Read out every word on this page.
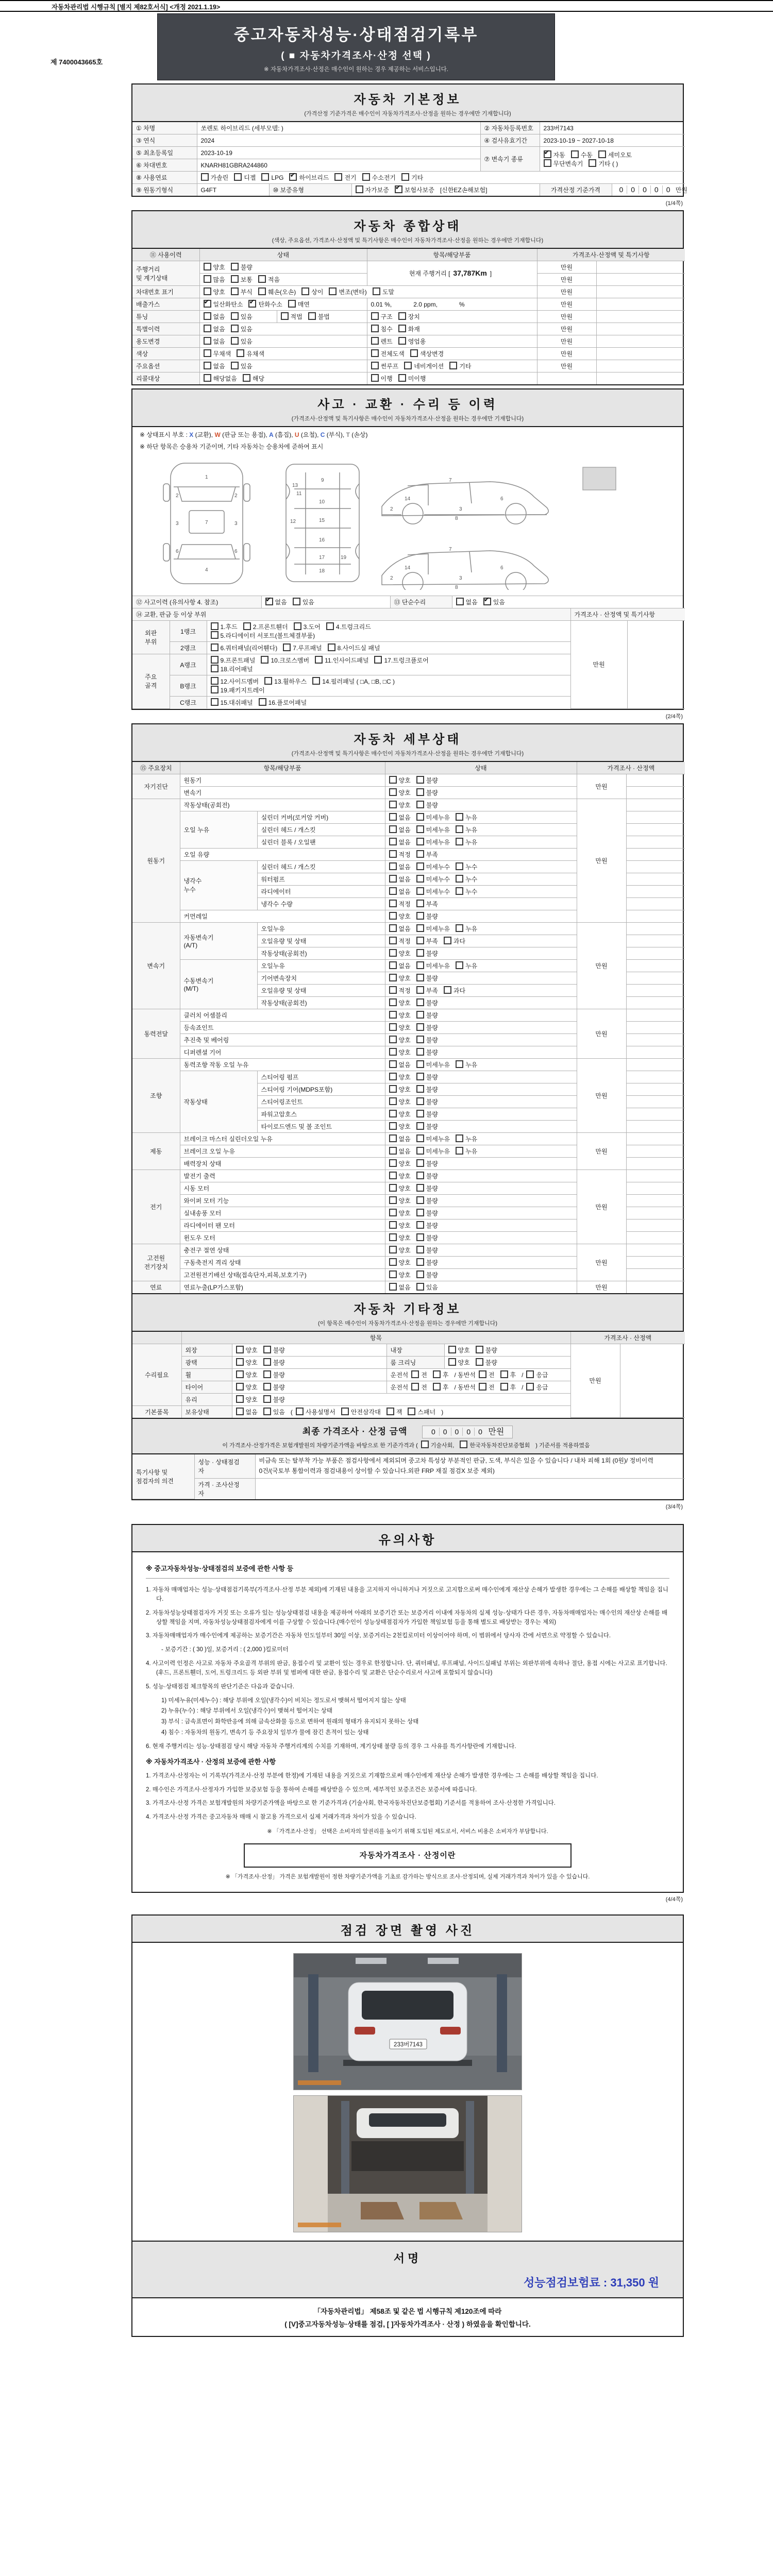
자동차관리법 시행규칙 [별지 제82호서식] <개정 2021.1.19>
제 7400043665호
중고자동차성능·상태점검기록부
( ■ 자동차가격조사·산정 선택 )
※ 자동차가격조사·산정은 매수인이 원하는 경우 제공하는 서비스입니다.
자동차 기본정보
(가격산정 기준가격은 매수인이 자동차가격조사·산정을 원하는 경우에만 기재합니다)
① 차명	쏘렌토 하이브리드 (세부모델: )			② 자동차등록번호	233버7143	
③ 연식	2024			④ 검사유효기간	2023-10-19 ~ 2027-10-18	
⑤ 최초등록일	2023-10-19			⑦ 변속기 종류	✔자동 수동 세미오토
무단변속기 기타 ( )
⑥ 차대번호	KNARH81GBRA244860					
⑧ 사용연료	가솔린 디젤 LPG ✔ 하이브리드 전기 수소전기 기타
⑨ 원동기형식	G4FT	⑩ 보증유형	자가보증 ✔ 보험사보증 [신한EZ손해보험]		가격산정 기준가격	0 0 0 0 0 만원
(1/4쪽)
자동차 종합상태
(색상, 주요옵션, 가격조사·산정액 및 특기사항은 매수인이 자동차가격조사·산정을 원하는 경우에만 기재합니다)
⑪ 사용이력	상태		항목/해당부품	가격조사·산정액 및 특기사항	
주행거리
및 계기상태	양호 불량		현재 주행거리 [ 37,787Km ]	만원	
	많음 보통 적음			만원	
차대번호 표기	양호 부식 훼손(오손) 상이 변조(변타) 도말			만원	
배출가스	✔일산화탄소 ✔ 탄화수소 매연		0.01 %, 2.0 ppm, %	만원	
튜닝	없음 있음	적법 불법	구조 장치	만원	
특별이력	없음 있음		침수 화재	만원	
용도변경	없음 있음		렌트 영업용	만원	
색상	무채색 유채색		전체도색 색상변경	만원	
주요옵션	없음 있음		썬루프 네비게이션 기타	만원	
리콜대상	해당없음 해당		이행 미이행		
사고 · 교환 · 수리 등 이력
(가격조사·산정액 및 특기사항은 매수인이 자동차가격조사·산정을 원하는 경우에만 기재합니다)
※ 상태표시 부호 : X (교환), W (판금 또는 용접), A (흠집), U (요철), C (부식), T (손상)
※ 하단 항목은 승용차 기준이며, 기타 자동차는 승용차에 준하여 표시
1
7
4
2	2
3	3
6	6
9
10
11
12
13
15
16
17
18
19
7
14
3
6
2
8
7
14
3
2
6
8
⑫ 사고이력 (유의사항 4. 참조)	✔없음	있음	⑬ 단순수리	없음 ✔	있음
⑭ 교환, 판금 등 이상 부위			가격조사 · 산정액 및 특기사항	
외판
부위	1랭크	1.후드 2.프론트휀더 3.도어 4.트렁크리드
5.라디에이터 서포트(볼트체결부품)	만원	
	2랭크	6.쿼터패널(리어휀다) 7.루프패널 8.사이드실 패널		
주요
골격	A랭크	9.프론트패널 10.크로스멤버 11.인사이드패널 17.트렁크플로어
18.리어패널		
	B랭크	12.사이드멤버 13.휠하우스 14.필러패널 ( □A, □B, □C )
19.패키지트레이		
	C랭크	15.대쉬패널 16.플로어패널		
(2/4쪽)
자동차 세부상태
(가격조사·산정액 및 특기사항은 매수인이 자동차가격조사·산정을 원하는 경우에만 기재합니다)
⑮ 주요장치	항목/해당부품		상태	가격조사 · 산정액	
자기진단	원동기		양호 불량	만원	
	변속기		양호 불량		
원동기	작동상태(공회전)		양호 불량	만원	
	오일 누유	실린더 커버(로커암 커버)	없음 미세누유 누유		
		실린더 헤드 / 개스킷	없음 미세누유 누유		
		실린더 블록 / 오일팬	없음 미세누유 누유		
	오일 유량		적정 부족		
	냉각수
누수	실린더 헤드 / 개스킷	없음 미세누수 누수		
		워터펌프	없음 미세누수 누수		
		라디에이터	없음 미세누수 누수		
		냉각수 수량	적정 부족		
	커먼레일		양호 불량		
변속기	자동변속기
(A/T)	오일누유	없음 미세누유 누유	만원	
		오일유량 및 상태	적정 부족 과다		
		작동상태(공회전)	양호 불량		
	수동변속기
(M/T)	오일누유	없음 미세누유 누유		
		기어변속장치	양호 불량		
		오일유량 및 상태	적정 부족 과다		
		작동상태(공회전)	양호 불량		
동력전달	클러치 어셈블리		양호 불량	만원	
	등속죠인트		양호 불량		
	추진축 및 베어링		양호 불량		
	디퍼렌셜 기어		양호 불량		
조향	동력조향 작동 오일 누유		없음 미세누유 누유	만원	
	작동상태	스티어링 펌프	양호 불량		
		스티어링 기어(MDPS포함)	양호 불량		
		스티어링조인트	양호 불량		
		파워고압호스	양호 불량		
		타이로드엔드 및 볼 조인트	양호 불량		
제동	브레이크 마스터 실린더오일 누유		없음 미세누유 누유	만원	
	브레이크 오일 누유		없음 미세누유 누유		
	배력장치 상태		양호 불량		
전기	발전기 출력		양호 불량	만원	
	시동 모터		양호 불량		
	와이퍼 모터 기능		양호 불량		
	실내송풍 모터		양호 불량		
	라디에이터 팬 모터		양호 불량		
	윈도우 모터		양호 불량		
고전원
전기장치	충전구 절연 상태		양호 불량	만원	
	구동축전지 격리 상태		양호 불량		
	고전원전기배선 상태(접속단자,피복,보호기구)		양호 불량		
연료	연료누출(LP가스포함)		없음 있음	만원	
자동차 기타정보
(이 항목은 매수인이 자동차가격조사·산정을 원하는 경우에만 기재합니다)
	항목				가격조사 · 산정액	
수리필요	외장	양호 불량	내장	양호 불량	만원	
	광택	양호 불량	룸 크리닝	양호 불량		
	휠	양호 불량	운전석 전 후 / 동반석 전 후 / 응급			
	타이어	양호 불량	운전석 전 후 / 동반석 전 후 / 응급			
	유리	양호 불량				
기본품목	보유상태	없음 있음 ( 사용설명서 안전삼각대 잭 스패너 )				
최종 가격조사 · 산정 금액	0 0 0 0 0 만원
이 가격조사·산정가격은 보험개발원의 차량기준가액을 바탕으로 한 기준가격과 ( 기술사회,	한국자동차진단보증협회 ) 기준서를 적용하였음
특기사항 및
점검자의 의견	성능 · 상태점검
자	비금속 또는 탈부착 가능 부품은 점검사항에서 제외되며 중고차 특성상 부분적인 판금, 도색, 부식은 있을 수 있습니다 / 내차 피해 1회 (0원)/ 정비이력 0건/(국토부 통합이력과 점검내용이 상이할 수 있습니다.외판 FRP 재질 점검X 보증 제외)
	가격 · 조사산정
자	
(3/4쪽)
유의사항
※ 중고자동차성능·상태점검의 보증에 관한 사항 등
1. 자동차 매매업자는 성능·상태점검기록부(가격조사·산정 부분 제외)에 기재된 내용을 고지하지 아니하거나 거짓으로 고지함으로써 매수인에게 재산상 손해가 발생한 경우에는 그 손해를 배상할 책임을 집니다.
2. 자동차성능상태점검자가 거짓 또는 오류가 있는 성능상태점검 내용을 제공하여 아래의 보증기간 또는 보증거리 이내에 자동차의 실제 성능·상태가 다른 경우, 자동차매매업자는 매수인의 재산상 손해를 배상할 책임을 지며, 자동차성능상태점검자에게 이를 구상할 수 있습니다.(매수인이 성능상태점검자가 가입한 책임보험 등을 통해 별도로 배상받는 경우는 제외)
3. 자동차매매업자가 매수인에게 제공하는 보증기간은 자동차 인도일부터 30일 이상, 보증거리는 2천킬로미터 이상이어야 하며, 이 범위에서 당사자 간에 서면으로 약정할 수 있습니다.
- 보증기간 : ( 30 )일, 보증거리 : ( 2,000 )킬로미터
4. 사고이력 인정은 사고로 자동차 주요골격 부위의 판금, 용접수리 및 교환이 있는 경우로 한정합니다. 단, 쿼터패널, 루프패널, 사이드실패널 부위는 외판부위에 속하나 절단, 용접 시에는 사고로 표기합니다. (후드, 프론트휀더, 도어, 트렁크리드 등 외판 부위 및 범퍼에 대한 판금, 용접수리 및 교환은 단순수리로서 사고에 포함되지 않습니다)
5. 성능·상태점검 체크항목의 판단기준은 다음과 같습니다.
1) 미세누유(미세누수) : 해당 부위에 오일(냉각수)이 비치는 정도로서 맺혀서 떨어지지 않는 상태
2) 누유(누수) : 해당 부위에서 오일(냉각수)이 맺혀서 떨어지는 상태
3) 부식 : 금속표면이 화학반응에 의해 금속산화물 등으로 변하여 원래의 형태가 유지되지 못하는 상태
4) 침수 : 자동차의 원동기, 변속기 등 주요장치 일부가 물에 잠긴 흔적이 있는 상태
6. 현재 주행거리는 성능·상태점검 당시 해당 자동차 주행거리계의 수치를 기재하며, 계기상태 불량 등의 경우 그 사유를 특기사항란에 기재합니다.
※ 자동차가격조사 · 산정의 보증에 관한 사항
1. 가격조사·산정자는 이 기록부(가격조사·산정 부분에 한정)에 기재된 내용을 거짓으로 기재함으로써 매수인에게 재산상 손해가 발생한 경우에는 그 손해를 배상할 책임을 집니다.
2. 매수인은 가격조사·산정자가 가입한 보증보험 등을 통하여 손해를 배상받을 수 있으며, 세부적인 보증조건은 보증서에 따릅니다.
3. 가격조사·산정 가격은 보험개발원의 차량기준가액을 바탕으로 한 기준가격과 (기술사회, 한국자동차진단보증협회) 기준서를 적용하여 조사·산정한 가격입니다.
4. 가격조사·산정 가격은 중고자동차 매매 시 참고용 가격으로서 실제 거래가격과 차이가 있을 수 있습니다.
※ 「가격조사·산정」 선택은 소비자의 알권리를 높이기 위해 도입된 제도로서, 서비스 비용은 소비자가 부담합니다.
자동차가격조사 · 산정이란
※ 「가격조사·산정」 가격은 보험개발원이 정한 차량기준가액을 기초로 감가하는 방식으로 조사·산정되며, 실제 거래가격과 차이가 있을 수 있습니다.
(4/4쪽)
점검 장면 촬영 사진
233버7143
서명
성능점검보험료 : 31,350 원
「자동차관리법」 제58조 및 같은 법 시행규칙 제120조에 따라
( [V]중고자동차성능·상태를 점검, [ ]자동차가격조사 · 산정 ) 하였음을 확인합니다.
